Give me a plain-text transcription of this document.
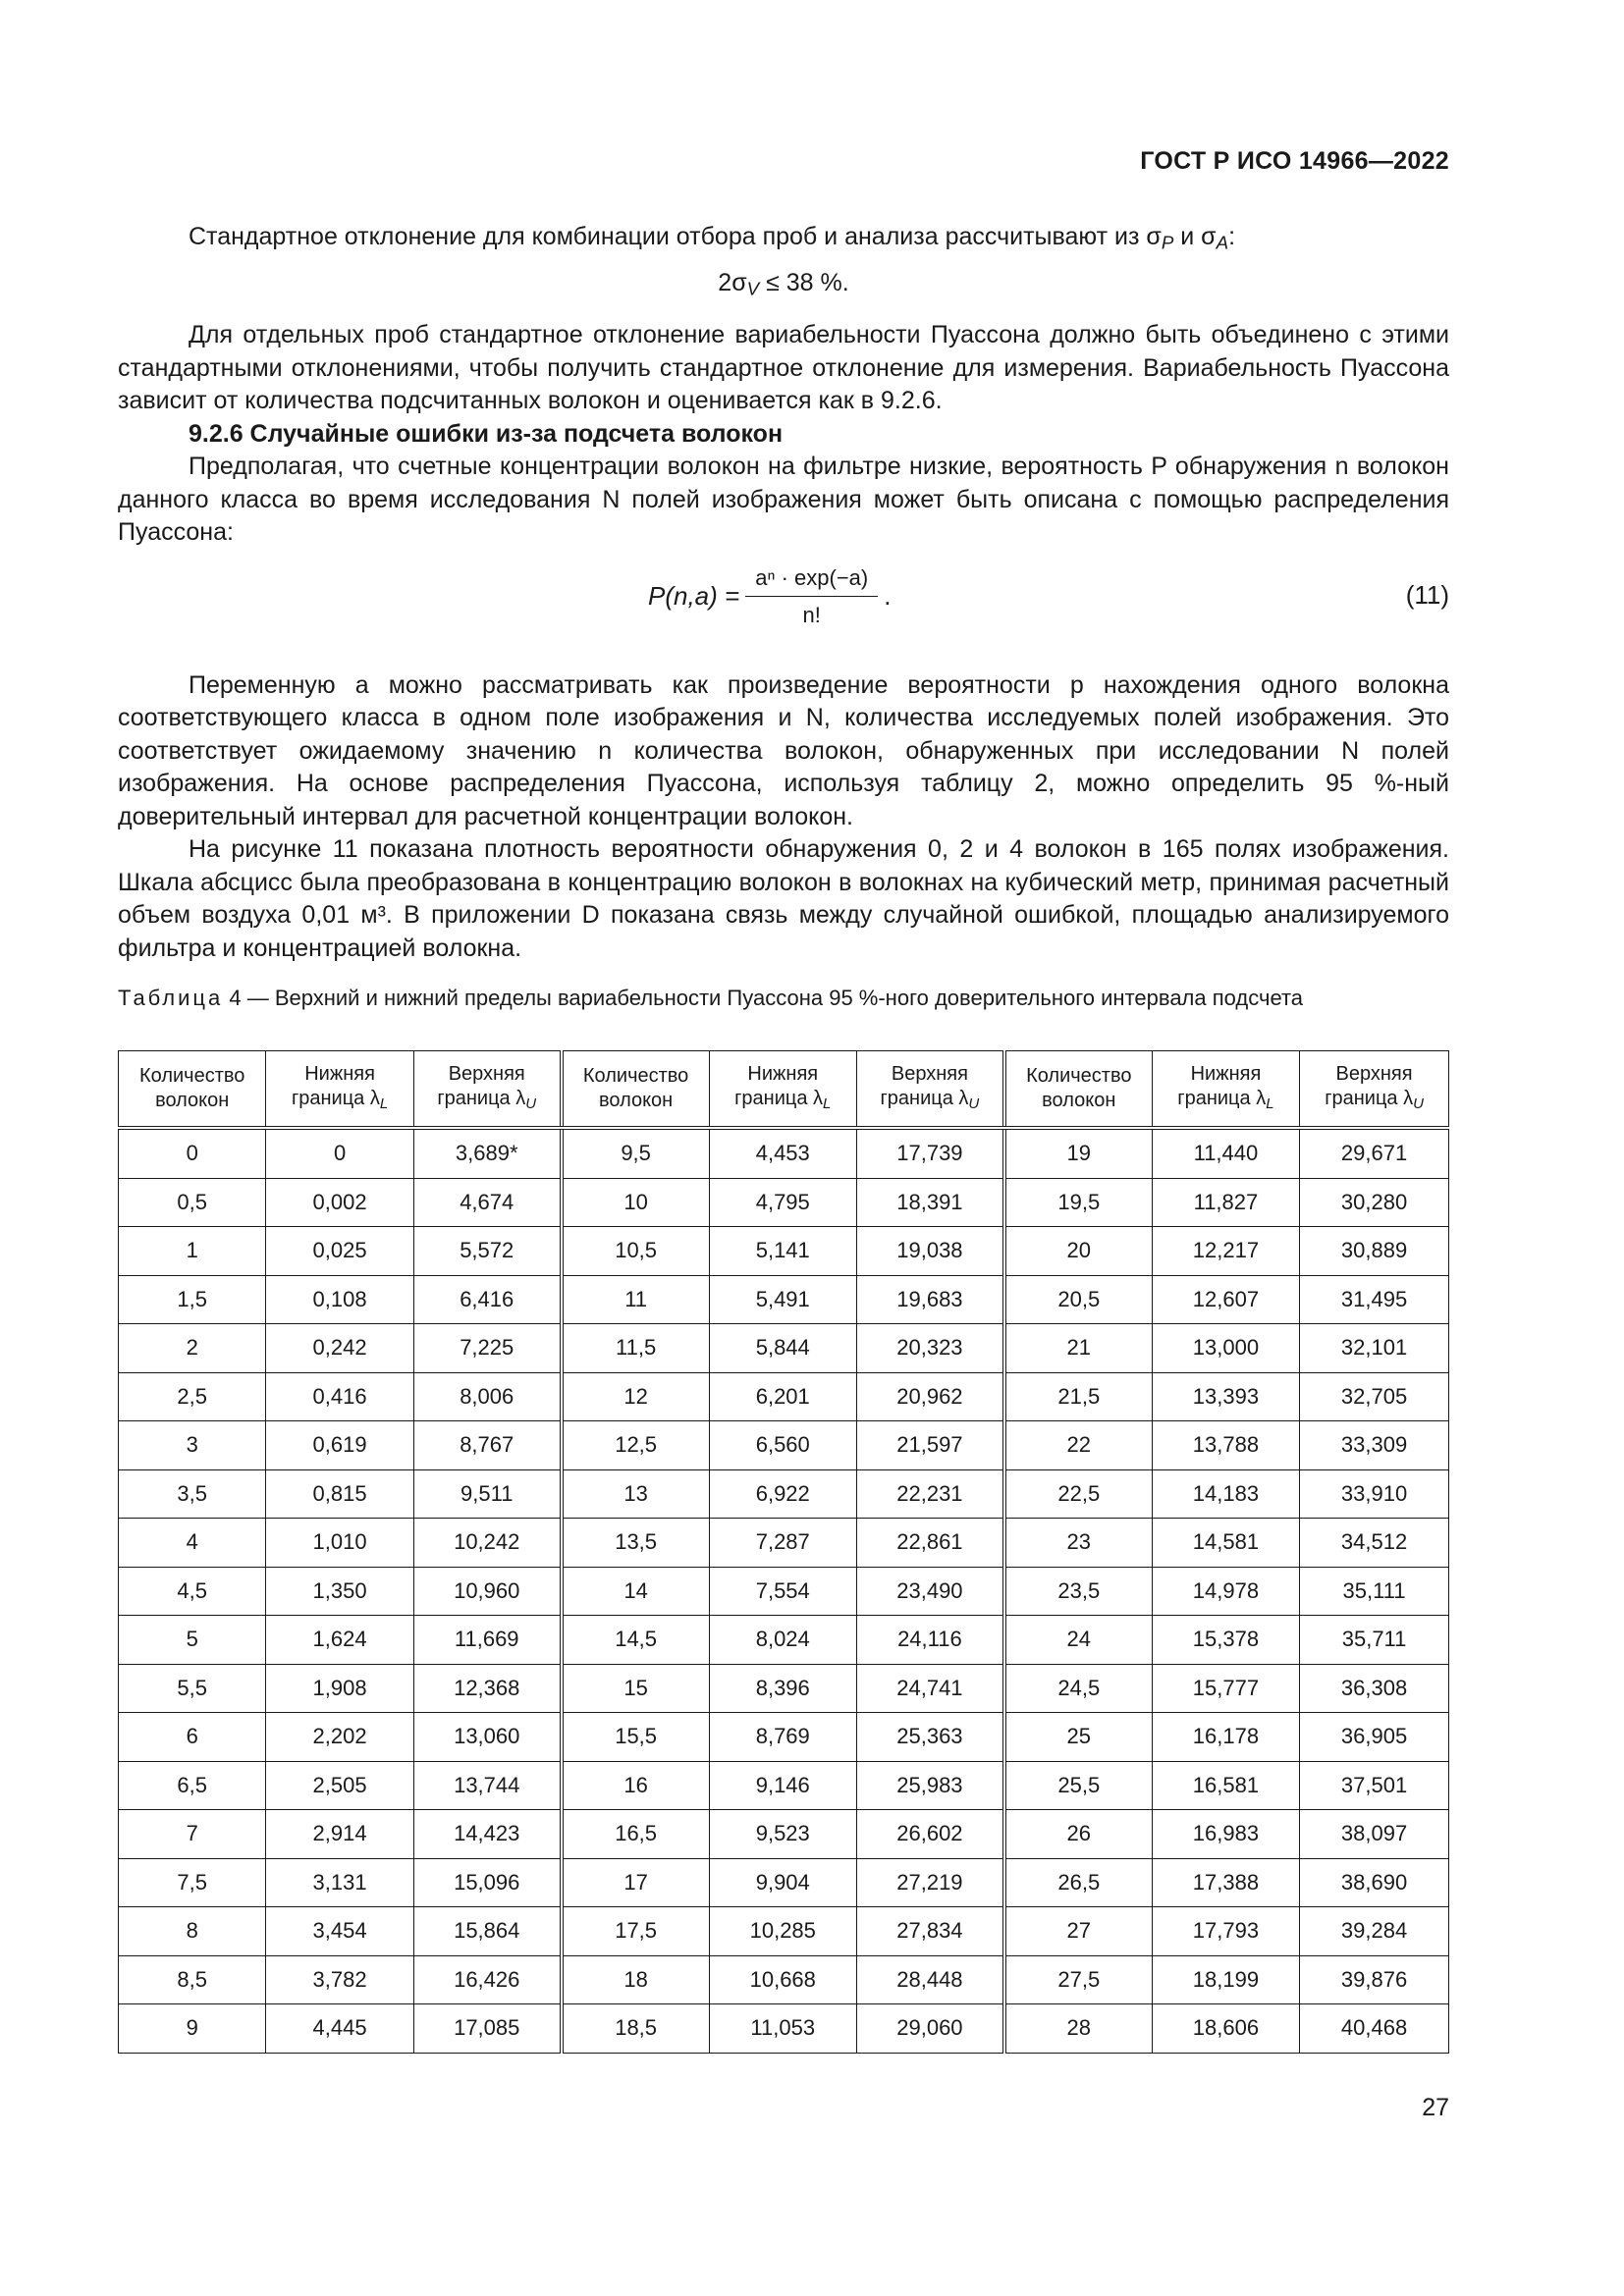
ГОСТ Р ИСО 14966—2022

Стандартное отклонение для комбинации отбора проб и анализа рассчитывают из $\sigma_P$ и $\sigma_A$:

$2\sigma_V \le 38$ %.

Для отдельных проб стандартное отклонение вариабельности Пуассона должно быть объединено с этими стандартными отклонениями, чтобы получить стандартное отклонение для измерения. Вариабельность Пуассона зависит от количества подсчитанных волокон и оценивается как в 9.2.6.

9.2.6 Случайные ошибки из-за подсчета волокон

Предполагая, что счетные концентрации волокон на фильтре низкие, вероятность P обнаружения n волокон данного класса во время исследования N полей изображения может быть описана с помощью распределения Пуассона:

$P(n,a) = \frac{\text{aⁿ · exp(−a)}}{n!}$ .	(11)

Переменную a можно рассматривать как произведение вероятности p нахождения одного волокна соответствующего класса в одном поле изображения и N, количества исследуемых полей изображения. Это соответствует ожидаемому значению n количества волокон, обнаруженных при исследовании N полей изображения. На основе распределения Пуассона, используя таблицу 2, можно определить 95 %-ный доверительный интервал для расчетной концентрации волокон.

На рисунке 11 показана плотность вероятности обнаружения 0, 2 и 4 волокон в 165 полях изображения. Шкала абсцисс была преобразована в концентрацию волокон в волокнах на кубический метр, принимая расчетный объем воздуха 0,01 м³. В приложении D показана связь между случайной ошибкой, площадью анализируемого фильтра и концентрацией волокна.

Таблица 4 — Верхний и нижний пределы вариабельности Пуассона 95 %-ного доверительного интервала подсчета

Количество
волокон	Нижняя
граница $\lambda_L$	Верхняя
граница $\lambda_U$	Количество
волокон	Нижняя
граница $\lambda_L$	Верхняя
граница $\lambda_U$	Количество
волокон	Нижняя
граница $\lambda_L$	Верхняя
граница $\lambda_U$
0	0	3,689*	9,5	4,453	17,739	19	11,440	29,671
0,5	0,002	4,674	10	4,795	18,391	19,5	11,827	30,280
1	0,025	5,572	10,5	5,141	19,038	20	12,217	30,889
1,5	0,108	6,416	11	5,491	19,683	20,5	12,607	31,495
2	0,242	7,225	11,5	5,844	20,323	21	13,000	32,101
2,5	0,416	8,006	12	6,201	20,962	21,5	13,393	32,705
3	0,619	8,767	12,5	6,560	21,597	22	13,788	33,309
3,5	0,815	9,511	13	6,922	22,231	22,5	14,183	33,910
4	1,010	10,242	13,5	7,287	22,861	23	14,581	34,512
4,5	1,350	10,960	14	7,554	23,490	23,5	14,978	35,111
5	1,624	11,669	14,5	8,024	24,116	24	15,378	35,711
5,5	1,908	12,368	15	8,396	24,741	24,5	15,777	36,308
6	2,202	13,060	15,5	8,769	25,363	25	16,178	36,905
6,5	2,505	13,744	16	9,146	25,983	25,5	16,581	37,501
7	2,914	14,423	16,5	9,523	26,602	26	16,983	38,097
7,5	3,131	15,096	17	9,904	27,219	26,5	17,388	38,690
8	3,454	15,864	17,5	10,285	27,834	27	17,793	39,284
8,5	3,782	16,426	18	10,668	28,448	27,5	18,199	39,876
9	4,445	17,085	18,5	11,053	29,060	28	18,606	40,468
27
